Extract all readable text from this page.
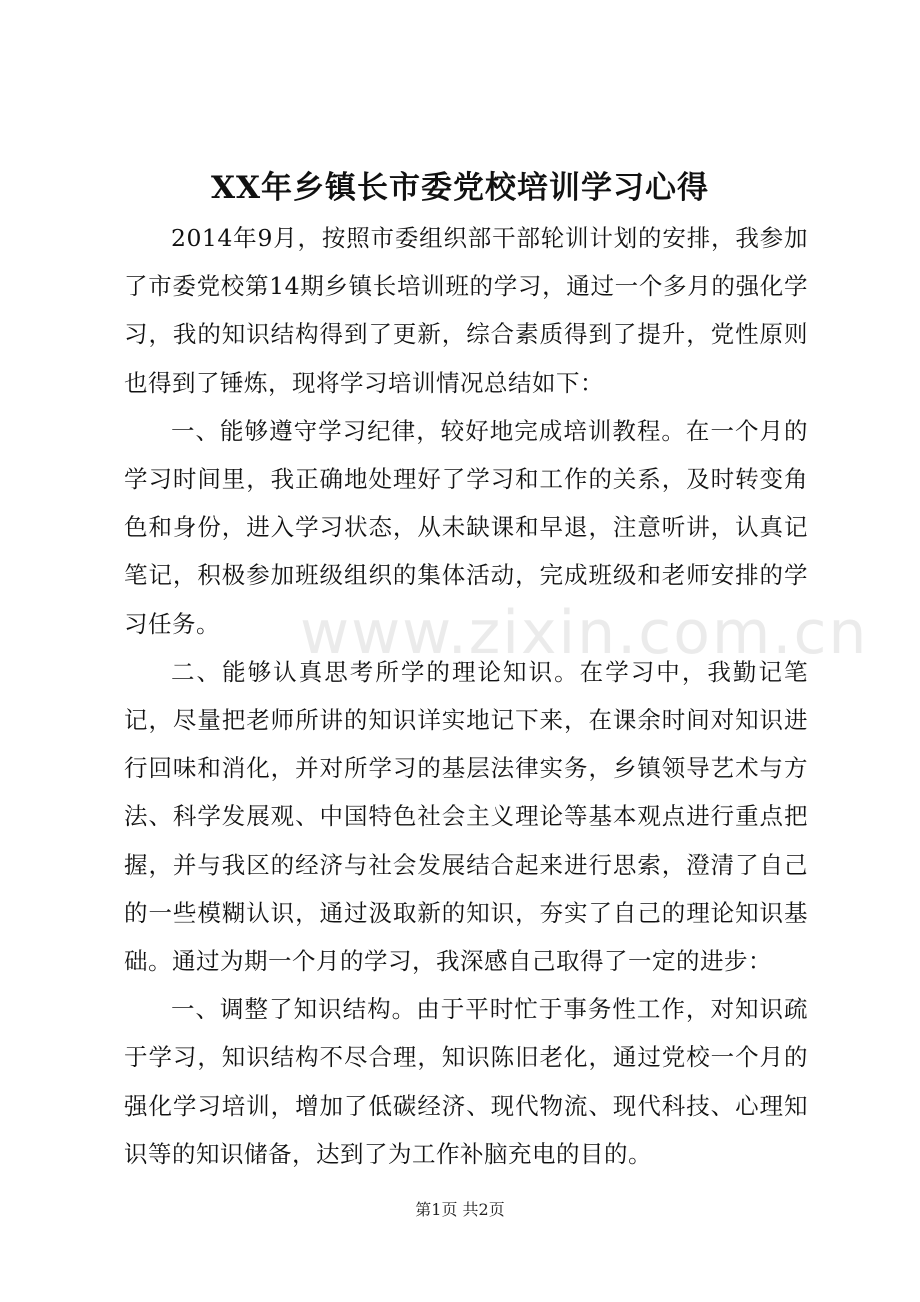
www.zixin.com.cn
XX年乡镇长市委党校培训学习心得

2014年9月，按照市委组织部干部轮训计划的安排，我参加了市委党校第14期乡镇长培训班的学习，通过一个多月的强化学习，我的知识结构得到了更新，综合素质得到了提升，党性原则也得到了锤炼，现将学习培训情况总结如下：

一、能够遵守学习纪律，较好地完成培训教程。在一个月的学习时间里，我正确地处理好了学习和工作的关系，及时转变角色和身份，进入学习状态，从未缺课和早退，注意听讲，认真记笔记，积极参加班级组织的集体活动，完成班级和老师安排的学习任务。

二、能够认真思考所学的理论知识。在学习中，我勤记笔记，尽量把老师所讲的知识详实地记下来，在课余时间对知识进行回味和消化，并对所学习的基层法律实务，乡镇领导艺术与方法、科学发展观、中国特色社会主义理论等基本观点进行重点把握，并与我区的经济与社会发展结合起来进行思索，澄清了自己的一些模糊认识，通过汲取新的知识，夯实了自己的理论知识基础。通过为期一个月的学习，我深感自己取得了一定的进步：

一、调整了知识结构。由于平时忙于事务性工作，对知识疏于学习，知识结构不尽合理，知识陈旧老化，通过党校一个月的强化学习培训，增加了低碳经济、现代物流、现代科技、心理知识等的知识储备，达到了为工作补脑充电的目的。

第1页 共2页
